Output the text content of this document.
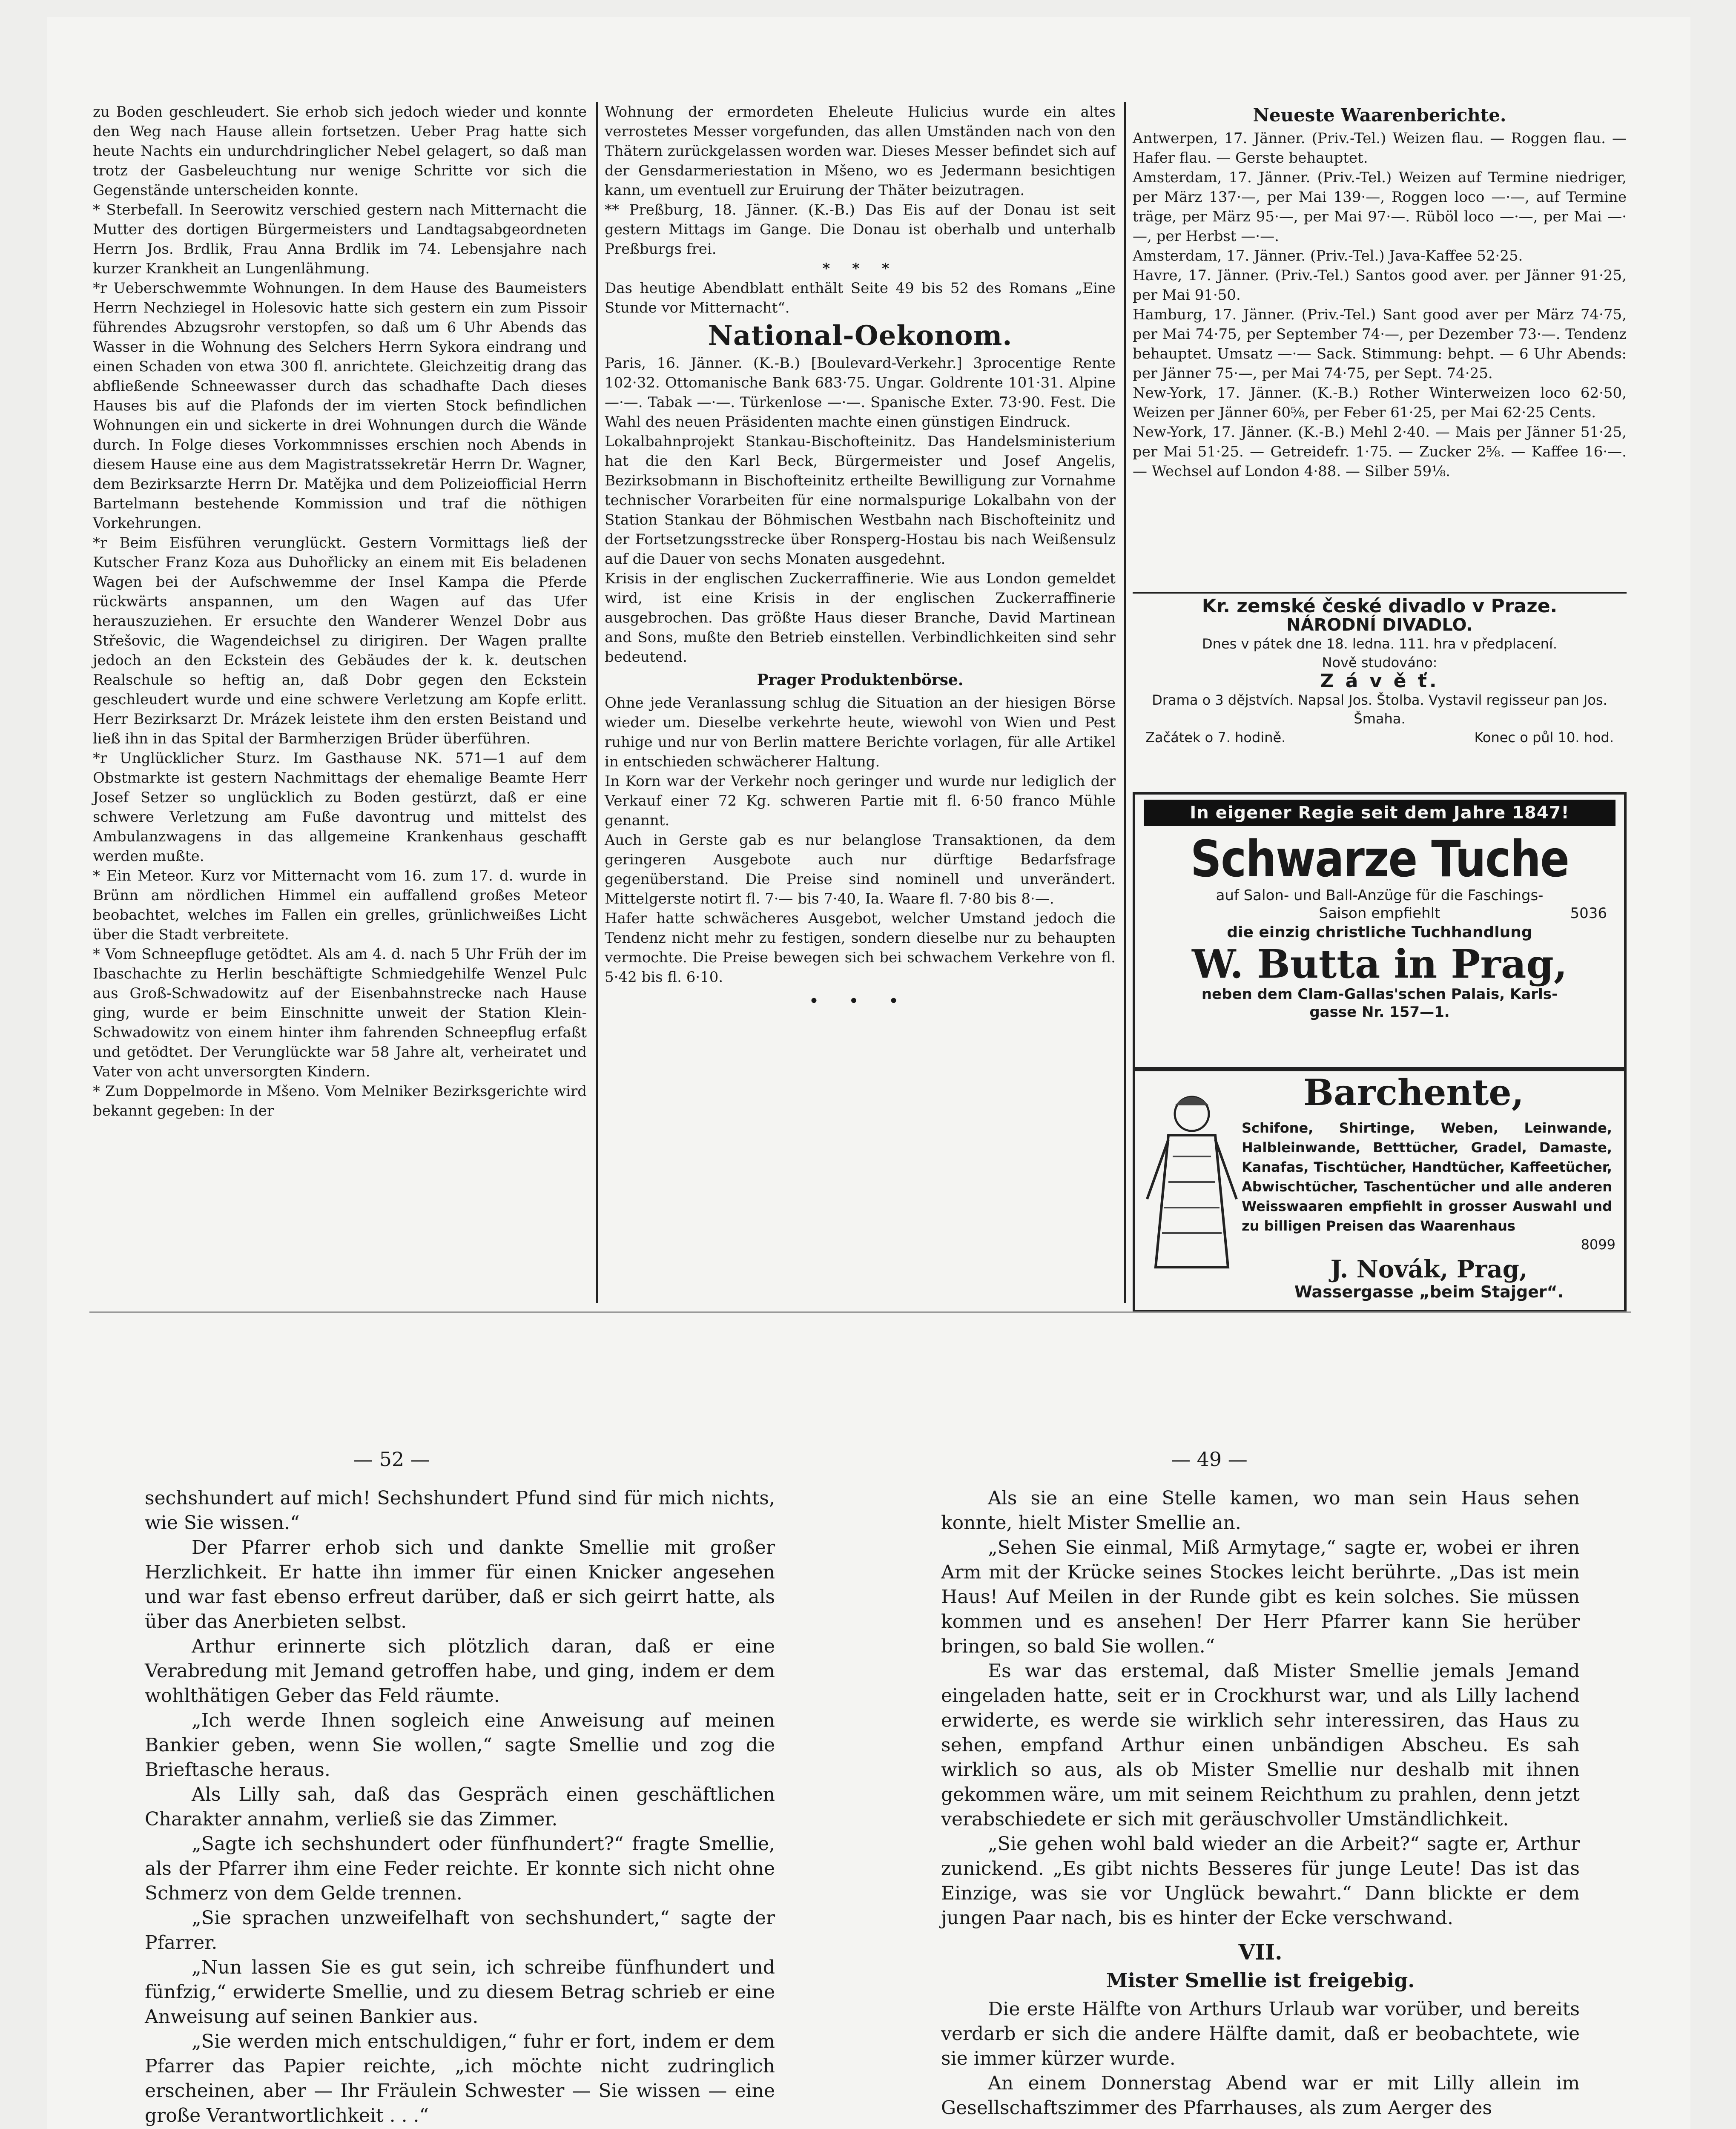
zu Boden geschleudert. Sie erhob sich jedoch wieder und konnte den Weg nach Hause allein fortsetzen. Ueber Prag hatte sich heute Nachts ein undurchdringlicher Nebel gelagert, so daß man trotz der Gasbeleuchtung nur wenige Schritte vor sich die Gegenstände unterscheiden konnte.

* Sterbefall. In Seerowitz verschied gestern nach Mitternacht die Mutter des dortigen Bürgermeisters und Landtagsabgeordneten Herrn Jos. Brdlik, Frau Anna Brdlik im 74. Lebensjahre nach kurzer Krankheit an Lungenlähmung.

*r Ueberschwemmte Wohnungen. In dem Hause des Baumeisters Herrn Nechziegel in Holesovic hatte sich gestern ein zum Pissoir führendes Abzugsrohr verstopfen, so daß um 6 Uhr Abends das Wasser in die Wohnung des Selchers Herrn Sykora eindrang und einen Schaden von etwa 300 fl. anrichtete. Gleichzeitig drang das abfließende Schneewasser durch das schadhafte Dach dieses Hauses bis auf die Plafonds der im vierten Stock befindlichen Wohnungen ein und sickerte in drei Wohnungen durch die Wände durch. In Folge dieses Vorkommnisses erschien noch Abends in diesem Hause eine aus dem Magistratssekretär Herrn Dr. Wagner, dem Bezirksarzte Herrn Dr. Matějka und dem Polizeiofficial Herrn Bartelmann bestehende Kommission und traf die nöthigen Vorkehrungen.

*r Beim Eisführen verunglückt. Gestern Vormittags ließ der Kutscher Franz Koza aus Duhořlicky an einem mit Eis beladenen Wagen bei der Aufschwemme der Insel Kampa die Pferde rückwärts anspannen, um den Wagen auf das Ufer herauszuziehen. Er ersuchte den Wanderer Wenzel Dobr aus Střešovic, die Wagendeichsel zu dirigiren. Der Wagen prallte jedoch an den Eckstein des Gebäudes der k. k. deutschen Realschule so heftig an, daß Dobr gegen den Eckstein geschleudert wurde und eine schwere Verletzung am Kopfe erlitt. Herr Bezirksarzt Dr. Mrázek leistete ihm den ersten Beistand und ließ ihn in das Spital der Barmherzigen Brüder überführen.

*r Unglücklicher Sturz. Im Gasthause NK. 571—1 auf dem Obstmarkte ist gestern Nachmittags der ehemalige Beamte Herr Josef Setzer so unglücklich zu Boden gestürzt, daß er eine schwere Verletzung am Fuße davontrug und mittelst des Ambulanzwagens in das allgemeine Krankenhaus geschafft werden mußte.

* Ein Meteor. Kurz vor Mitternacht vom 16. zum 17. d. wurde in Brünn am nördlichen Himmel ein auffallend großes Meteor beobachtet, welches im Fallen ein grelles, grünlichweißes Licht über die Stadt verbreitete.

* Vom Schneepfluge getödtet. Als am 4. d. nach 5 Uhr Früh der im Ibaschachte zu Herlin beschäftigte Schmiedgehilfe Wenzel Pulc aus Groß-Schwadowitz auf der Eisenbahnstrecke nach Hause ging, wurde er beim Einschnitte unweit der Station Klein-Schwadowitz von einem hinter ihm fahrenden Schneepflug erfaßt und getödtet. Der Verunglückte war 58 Jahre alt, verheiratet und Vater von acht unversorgten Kindern.

* Zum Doppelmorde in Mšeno. Vom Melniker Bezirksgerichte wird bekannt gegeben: In der

Wohnung der ermordeten Eheleute Hulicius wurde ein altes verrostetes Messer vorgefunden, das allen Umständen nach von den Thätern zurückgelassen worden war. Dieses Messer befindet sich auf der Gensdarmeriestation in Mšeno, wo es Jedermann besichtigen kann, um eventuell zur Eruirung der Thäter beizutragen.

** Preßburg, 18. Jänner. (K.-B.) Das Eis auf der Donau ist seit gestern Mittags im Gange. Die Donau ist oberhalb und unterhalb Preßburgs frei.

* * *

Das heutige Abendblatt enthält Seite 49 bis 52 des Romans „Eine Stunde vor Mitternacht“.

National-Oekonom.

Paris, 16. Jänner. (K.-B.) [Boulevard-Verkehr.] 3procentige Rente 102·32. Ottomanische Bank 683·75. Ungar. Goldrente 101·31. Alpine —·—. Tabak —·—. Türkenlose —·—. Spanische Exter. 73·90. Fest. Die Wahl des neuen Präsidenten machte einen günstigen Eindruck.

Lokalbahnprojekt Stankau-Bischofteinitz. Das Handelsministerium hat die den Karl Beck, Bürgermeister und Josef Angelis, Bezirksobmann in Bischofteinitz ertheilte Bewilligung zur Vornahme technischer Vorarbeiten für eine normalspurige Lokalbahn von der Station Stankau der Böhmischen Westbahn nach Bischofteinitz und der Fortsetzungsstrecke über Ronsperg-Hostau bis nach Weißensulz auf die Dauer von sechs Monaten ausgedehnt.

Krisis in der englischen Zuckerraffinerie. Wie aus London gemeldet wird, ist eine Krisis in der englischen Zuckerraffinerie ausgebrochen. Das größte Haus dieser Branche, David Martinean and Sons, mußte den Betrieb einstellen. Verbindlichkeiten sind sehr bedeutend.

Prager Produktenbörse.

Ohne jede Veranlassung schlug die Situation an der hiesigen Börse wieder um. Dieselbe verkehrte heute, wiewohl von Wien und Pest ruhige und nur von Berlin mattere Berichte vorlagen, für alle Artikel in entschieden schwächerer Haltung.

In Korn war der Verkehr noch geringer und wurde nur lediglich der Verkauf einer 72 Kg. schweren Partie mit fl. 6·50 franco Mühle genannt.

Auch in Gerste gab es nur belanglose Transaktionen, da dem geringeren Ausgebote auch nur dürftige Bedarfsfrage gegenüberstand. Die Preise sind nominell und unverändert. Mittelgerste notirt fl. 7·— bis 7·40, Ia. Waare fl. 7·80 bis 8·—.

Hafer hatte schwächeres Ausgebot, welcher Umstand jedoch die Tendenz nicht mehr zu festigen, sondern dieselbe nur zu behaupten vermochte. Die Preise bewegen sich bei schwachem Verkehre von fl. 5·42 bis fl. 6·10.

• • •
Neueste Waarenberichte.

Antwerpen, 17. Jänner. (Priv.-Tel.) Weizen flau. — Roggen flau. — Hafer flau. — Gerste behauptet.

Amsterdam, 17. Jänner. (Priv.-Tel.) Weizen auf Termine niedriger, per März 137·—, per Mai 139·—, Roggen loco —·—, auf Termine träge, per März 95·—, per Mai 97·—. Rüböl loco —·—, per Mai —·—, per Herbst —·—.

Amsterdam, 17. Jänner. (Priv.-Tel.) Java-Kaffee 52·25.

Havre, 17. Jänner. (Priv.-Tel.) Santos good aver. per Jänner 91·25, per Mai 91·50.

Hamburg, 17. Jänner. (Priv.-Tel.) Sant good aver per März 74·75, per Mai 74·75, per September 74·—, per Dezember 73·—. Tendenz behauptet. Umsatz —·— Sack. Stimmung: behpt. — 6 Uhr Abends: per Jänner 75·—, per Mai 74·75, per Sept. 74·25.

New-York, 17. Jänner. (K.-B.) Rother Winterweizen loco 62·50, Weizen per Jänner 60⅝, per Feber 61·25, per Mai 62·25 Cents.

New-York, 17. Jänner. (K.-B.) Mehl 2·40. — Mais per Jänner 51·25, per Mai 51·25. — Getreidefr. 1·75. — Zucker 2⅝. — Kaffee 16·—. — Wechsel auf London 4·88. — Silber 59⅛.

Kr. zemské české divadlo v Praze.
NÁRODNÍ DIVADLO.
Dnes v pátek dne 18. ledna. 111. hra v předplacení.
Nově studováno:
Z á v ě ť.
Drama o 3 dějstvích. Napsal Jos. Štolba. Vystavil regisseur pan Jos. Šmaha.
Začátek o 7. hodině.	Konec o půl 10. hod.
In eigener Regie seit dem Jahre 1847!
Schwarze Tuche
auf Salon- und Ball-Anzüge für die Faschings-
Saison empfiehlt	5036
die einzig christliche Tuchhandlung
W. Butta in Prag,
neben dem Clam-Gallas'schen Palais, Karls-
gasse Nr. 157—1.
Barchente,
Schifone, Shirtinge, Weben, Leinwande, Halbleinwande, Betttücher, Gradel, Damaste, Kanafas, Tischtücher, Handtücher, Kaffeetücher, Abwischtücher, Taschentücher und alle anderen Weisswaaren empfiehlt in grosser Auswahl und zu billigen Preisen das Waarenhaus
8099
J. Novák, Prag,
Wassergasse „beim Stajger“.
— 52 —	— 49 —

sechshundert auf mich! Sechshundert Pfund sind für mich nichts, wie Sie wissen.“

Der Pfarrer erhob sich und dankte Smellie mit großer Herzlichkeit. Er hatte ihn immer für einen Knicker angesehen und war fast ebenso erfreut darüber, daß er sich geirrt hatte, als über das Anerbieten selbst.

Arthur erinnerte sich plötzlich daran, daß er eine Verabredung mit Jemand getroffen habe, und ging, indem er dem wohlthätigen Geber das Feld räumte.

„Ich werde Ihnen sogleich eine Anweisung auf meinen Bankier geben, wenn Sie wollen,“ sagte Smellie und zog die Brieftasche heraus.

Als Lilly sah, daß das Gespräch einen geschäftlichen Charakter annahm, verließ sie das Zimmer.

„Sagte ich sechshundert oder fünfhundert?“ fragte Smellie, als der Pfarrer ihm eine Feder reichte. Er konnte sich nicht ohne Schmerz von dem Gelde trennen.

„Sie sprachen unzweifelhaft von sechshundert,“ sagte der Pfarrer.

„Nun lassen Sie es gut sein, ich schreibe fünfhundert und fünfzig,“ erwiderte Smellie, und zu diesem Betrag schrieb er eine Anweisung auf seinen Bankier aus.

„Sie werden mich entschuldigen,“ fuhr er fort, indem er dem Pfarrer das Papier reichte, „ich möchte nicht zudringlich erscheinen, aber — Ihr Fräulein Schwester — Sie wissen — eine große Verantwortlichkeit . . .“

Als sie an eine Stelle kamen, wo man sein Haus sehen konnte, hielt Mister Smellie an.

„Sehen Sie einmal, Miß Armytage,“ sagte er, wobei er ihren Arm mit der Krücke seines Stockes leicht berührte. „Das ist mein Haus! Auf Meilen in der Runde gibt es kein solches. Sie müssen kommen und es ansehen! Der Herr Pfarrer kann Sie herüber bringen, so bald Sie wollen.“

Es war das erstemal, daß Mister Smellie jemals Jemand eingeladen hatte, seit er in Crockhurst war, und als Lilly lachend erwiderte, es werde sie wirklich sehr interessiren, das Haus zu sehen, empfand Arthur einen unbändigen Abscheu. Es sah wirklich so aus, als ob Mister Smellie nur deshalb mit ihnen gekommen wäre, um mit seinem Reichthum zu prahlen, denn jetzt verabschiedete er sich mit geräuschvoller Umständlichkeit.

„Sie gehen wohl bald wieder an die Arbeit?“ sagte er, Arthur zunickend. „Es gibt nichts Besseres für junge Leute! Das ist das Einzige, was sie vor Unglück bewahrt.“ Dann blickte er dem jungen Paar nach, bis es hinter der Ecke verschwand.

VII.
Mister Smellie ist freigebig.

Die erste Hälfte von Arthurs Urlaub war vorüber, und bereits verdarb er sich die andere Hälfte damit, daß er beobachtete, wie sie immer kürzer wurde.

An einem Donnerstag Abend war er mit Lilly allein im Gesellschaftszimmer des Pfarrhauses, als zum Aerger des
